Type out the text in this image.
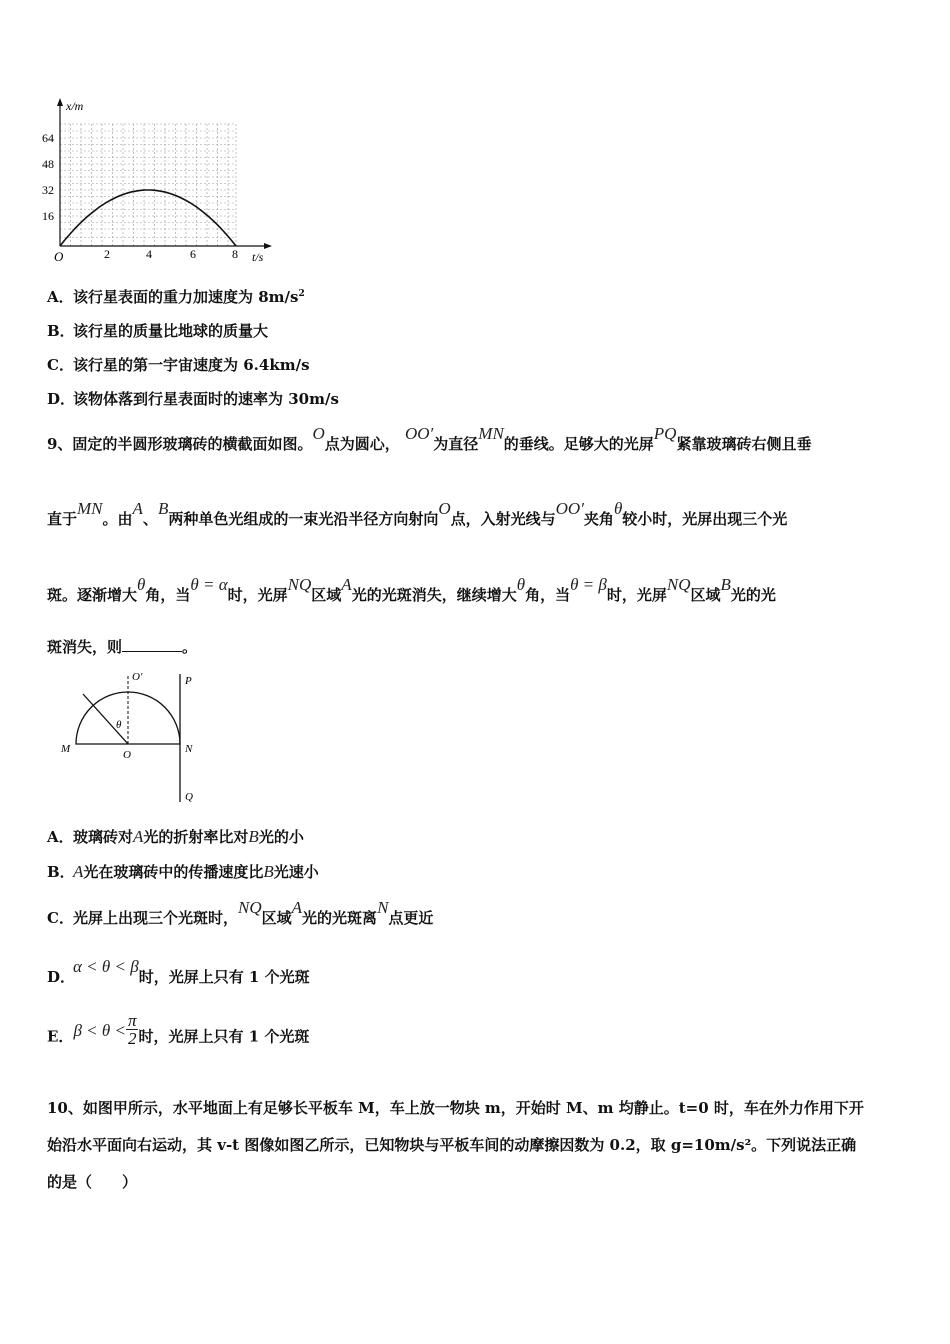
x/m
t/s
O
64
48
32
16
2	4	6	8
A．该行星表面的重力加速度为 $8m/s^2$
B．该行星的质量比地球的质量大
C．该行星的第一宇宙速度为 6.4km/s
D．该物体落到行星表面时的速率为 30m/s
9、固定的半圆形玻璃砖的横截面如图。O点为圆心， OO′为直径MN的垂线。足够大的光屏PQ紧靠玻璃砖右侧且垂
直于MN。由A、B两种单色光组成的一束光沿半径方向射向O点，入射光线与OO′夹角θ较小时，光屏出现三个光
斑。逐渐增大θ角，当θ = α时，光屏NQ区域A光的光斑消失，继续增大θ角，当θ = β时，光屏NQ区域B光的光
斑消失，则	。
O′	P
θ
M	O	N
Q
A．玻璃砖对A光的折射率比对B光的小
B．A光在玻璃砖中的传播速度比B光速小
C．光屏上出现三个光斑时，NQ区域A光的光斑离N点更近
D．α < θ < β时，光屏上只有 1 个光斑
E．$\beta < \theta < \frac{\pi}{2}$ 时，光屏上只有 1 个光斑
10、如图甲所示，水平地面上有足够长平板车 M，车上放一物块 m，开始时 M、m 均静止。t=0 时，车在外力作用下开
始沿水平面向右运动，其 v-t 图像如图乙所示，已知物块与平板车间的动摩擦因数为 0.2，取 g=10m/s²。下列说法正确
的是（　　）
